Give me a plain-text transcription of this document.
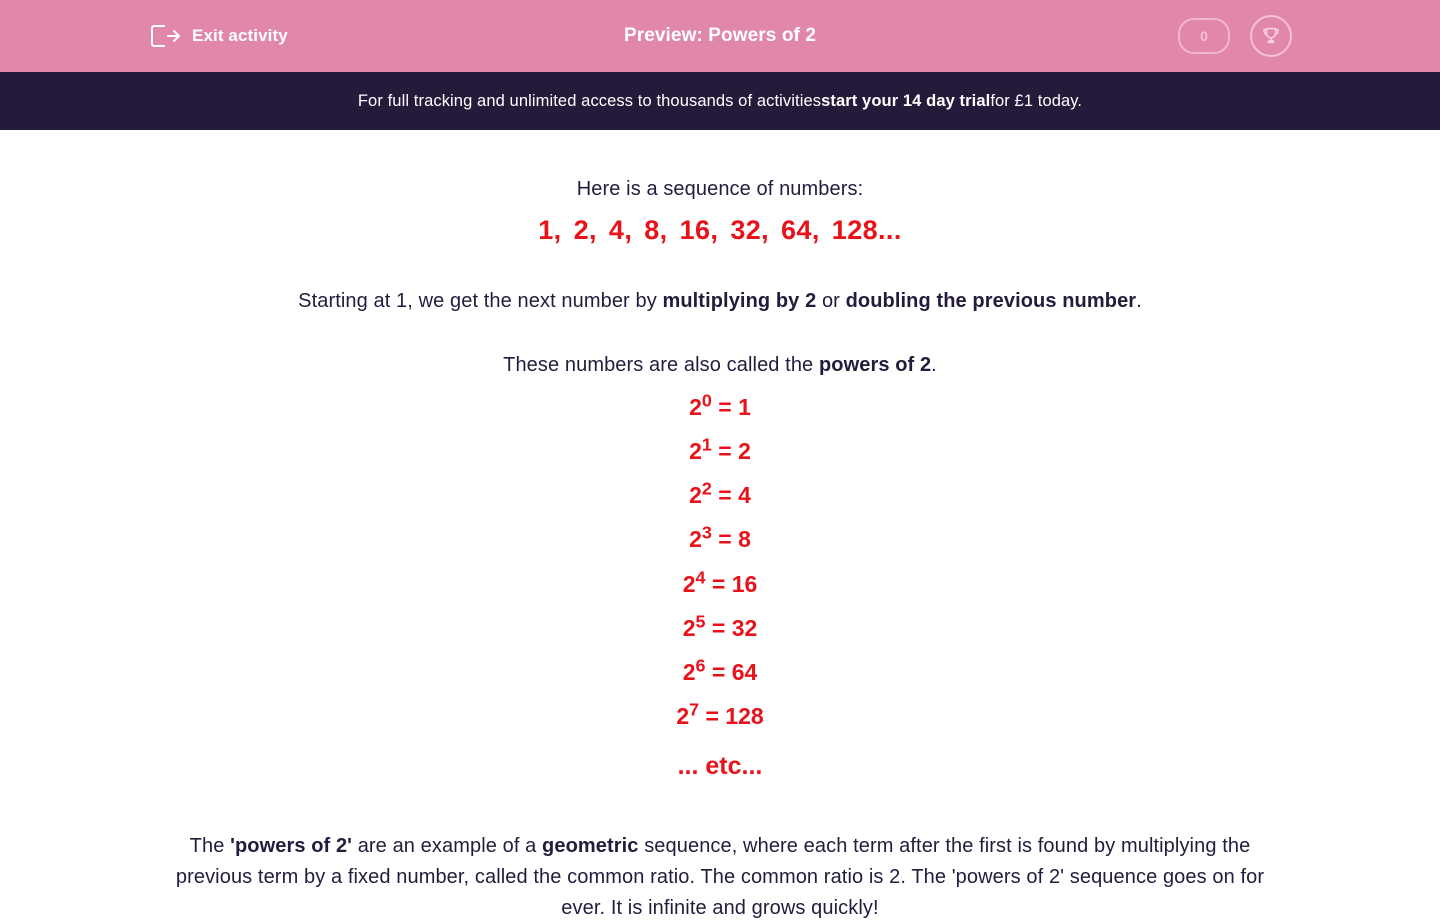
Exit activity	Preview: Powers of 2	0
For full tracking and unlimited access to thousands of activities start your 14 day trial for £1 today.

Here is a sequence of numbers:

1, 2, 4, 8, 16, 32, 64, 128...
Starting at 1, we get the next number by multiplying by 2 or doubling the previous number.
These numbers are also called the powers of 2.
$2^0 = 1$
$2^1 = 2$
$2^2 = 4$
$2^3 = 8$
$2^4 = 16$
$2^5 = 32$
$2^6 = 64$
$2^7 = 128$
... etc...
The 'powers of 2' are an example of a geometric sequence, where each term after the first is found by multiplying the previous term by a fixed number, called the common ratio. The common ratio is 2. The 'powers of 2' sequence goes on for ever. It is infinite and grows quickly!
